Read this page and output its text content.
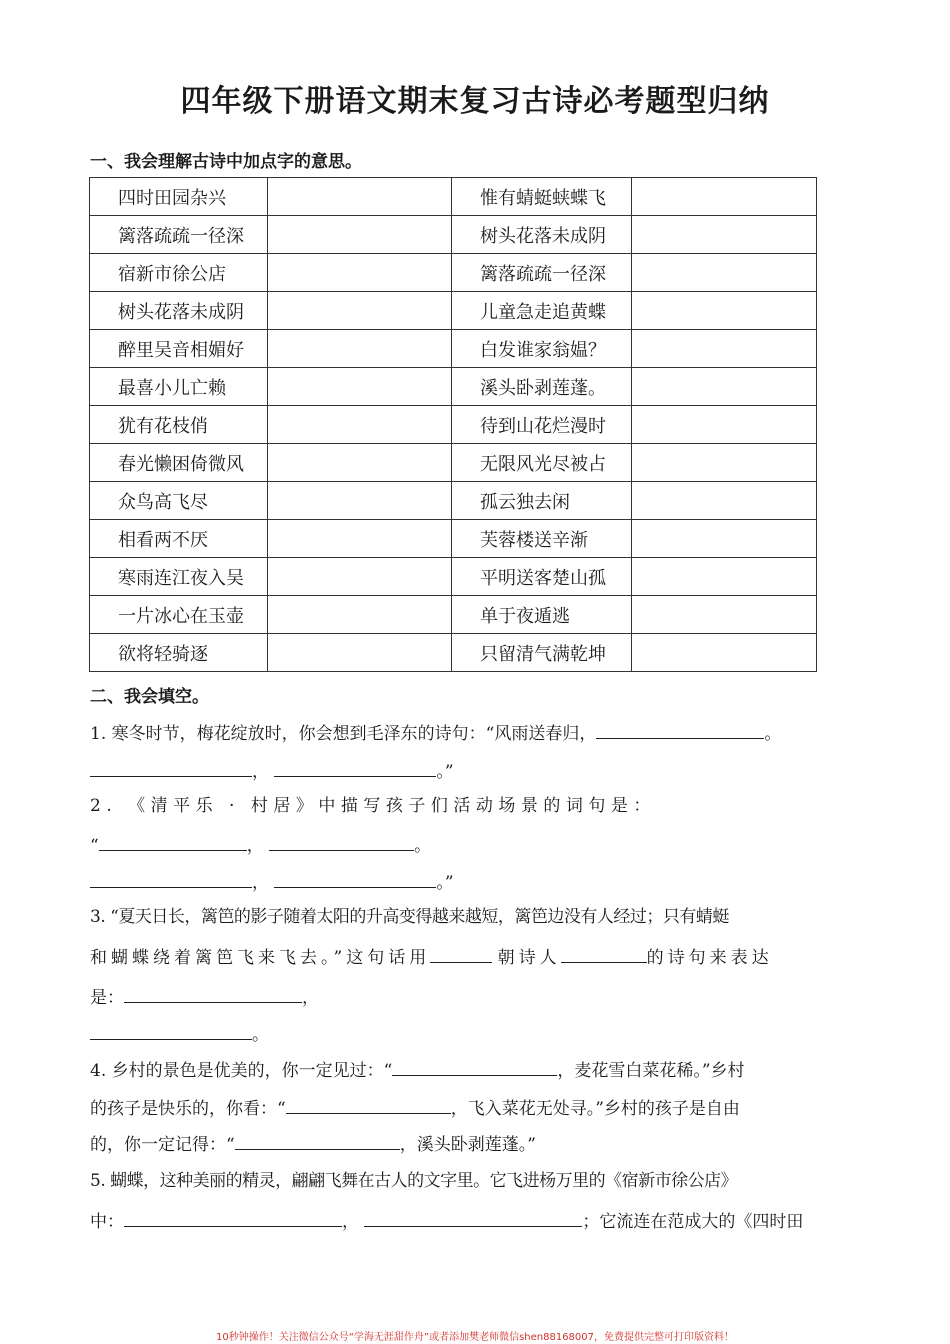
四年级下册语文期末复习古诗必考题型归纳
一、我会理解古诗中加点字的意思。
四时田园杂兴		惟有蜻蜓蛱蝶飞	
篱落疏疏一径深		树头花落未成阴	
宿新市徐公店		篱落疏疏一径深	
树头花落未成阴		儿童急走追黄蝶	
醉里吴音相媚好		白发谁家翁媪？	
最喜小儿亡赖		溪头卧剥莲蓬。	
犹有花枝俏		待到山花烂漫时	
春光懒困倚微风		无限风光尽被占	
众鸟高飞尽		孤云独去闲	
相看两不厌		芙蓉楼送辛渐	
寒雨连江夜入吴		平明送客楚山孤	
一片冰心在玉壶		单于夜遁逃	
欲将轻骑逐		只留清气满乾坤	
二、我会填空。
1. 寒冬时节，梅花绽放时，你会想到毛泽东的诗句：“风雨送春归，	。
，	。”
2. 《清平乐 · 村居》中描写孩子们活动场景的词句是：
“	，	。
，	。”
3. “夏天日长，篱笆的影子随着太阳的升高变得越来越短，篱笆边没有人经过；只有蜻蜓
和蝴蝶绕着篱笆飞来飞去。”这句话用	朝诗人	的诗句来表达
是：	，
。
4. 乡村的景色是优美的，你一定见过：“	，麦花雪白菜花稀。”乡村
的孩子是快乐的，你看：“	，飞入菜花无处寻。”乡村的孩子是自由
的，你一定记得：“	，溪头卧剥莲蓬。”
5. 蝴蝶，这种美丽的精灵，翩翩飞舞在古人的文字里。它飞进杨万里的《宿新市徐公店》
中：	，	；它流连在范成大的《四时田
10秒钟操作！关注微信公众号“学海无涯甜作舟”或者添加樊老师微信shen88168007，免费提供完整可打印版资料！
